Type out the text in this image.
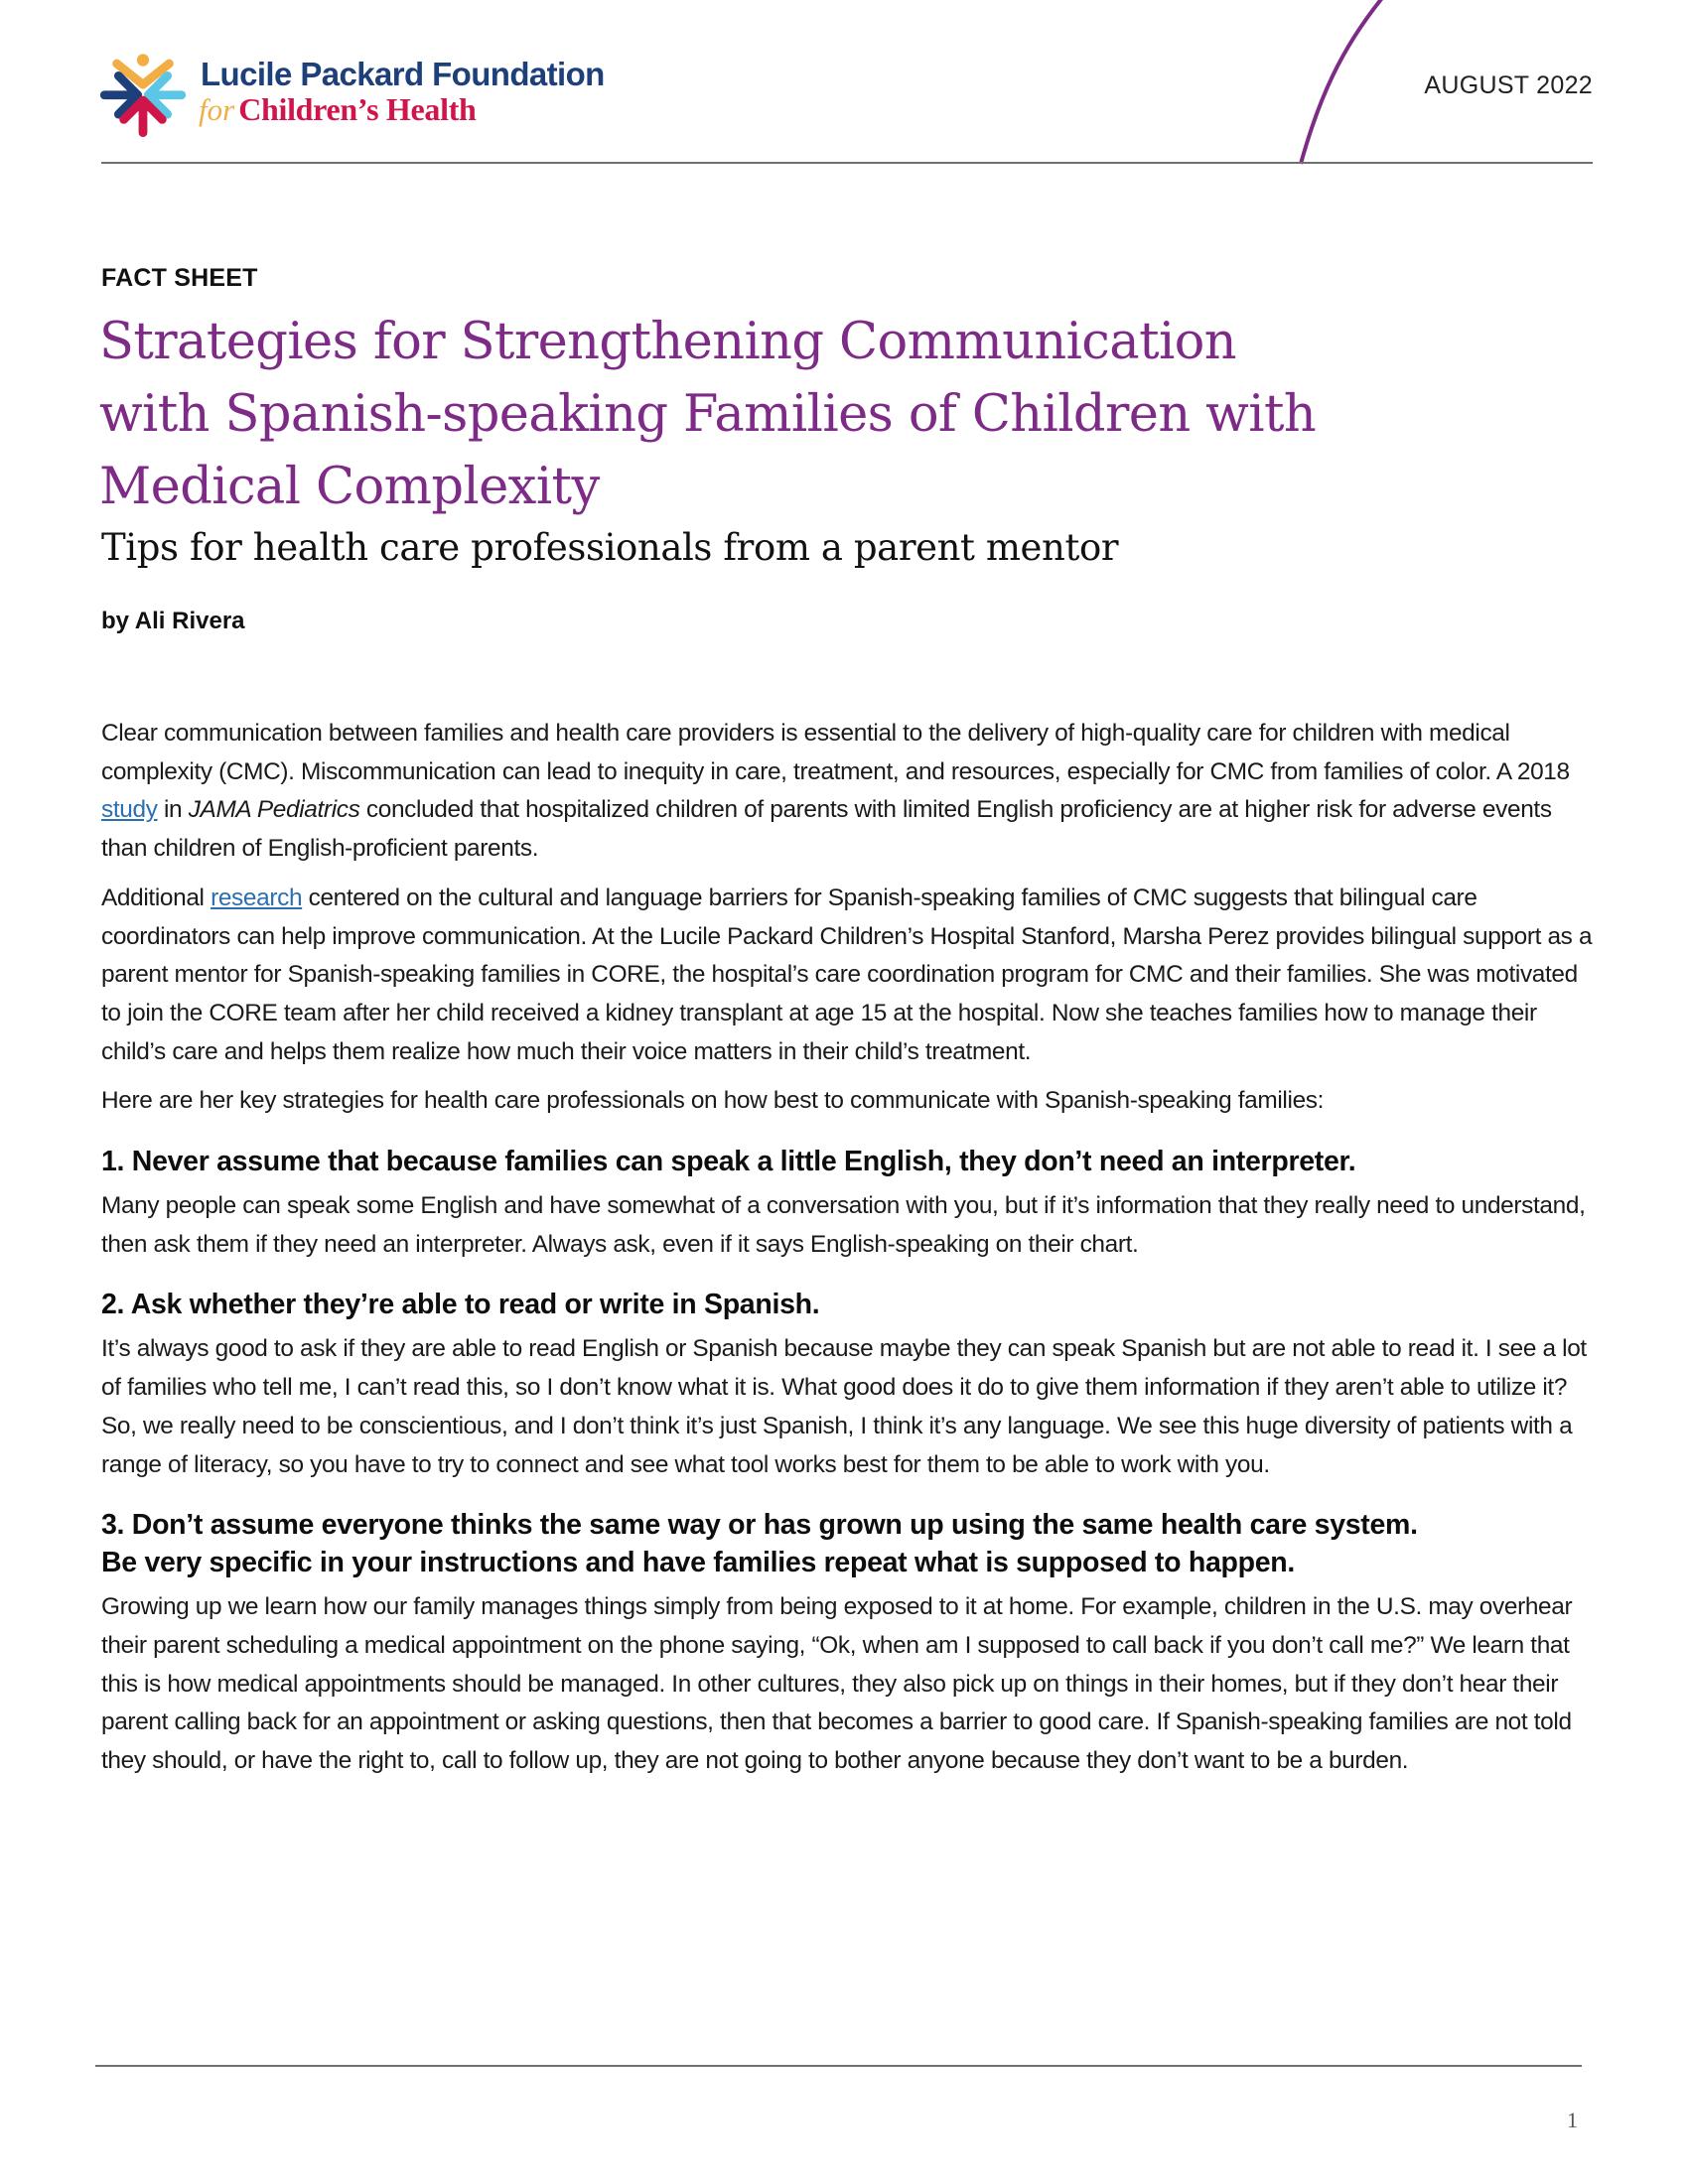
Lucile Packard Foundation
for Children’s Health
AUGUST 2022
FACT SHEET
Strategies for Strengthening Communication
with Spanish-speaking Families of Children with
Medical Complexity
Tips for health care professionals from a parent mentor
by Ali Rivera

Clear communication between families and health care providers is essential to the delivery of high-quality care for children with medical complexity (CMC). Miscommunication can lead to inequity in care, treatment, and resources, especially for CMC from families of color. A 2018 study in JAMA Pediatrics concluded that hospitalized children of parents with limited English proficiency are at higher risk for adverse events than children of English-proficient parents.

Additional research centered on the cultural and language barriers for Spanish-speaking families of CMC suggests that bilingual care coordinators can help improve communication. At the Lucile Packard Children’s Hospital Stanford, Marsha Perez provides bilingual support as a parent mentor for Spanish-speaking families in CORE, the hospital’s care coordination program for CMC and their families. She was motivated to join the CORE team after her child received a kidney transplant at age 15 at the hospital. Now she teaches families how to manage their child’s care and helps them realize how much their voice matters in their child’s treatment.

Here are her key strategies for health care professionals on how best to communicate with Spanish-speaking families:

1. Never assume that because families can speak a little English, they don’t need an interpreter.

Many people can speak some English and have somewhat of a conversation with you, but if it’s information that they really need to understand, then ask them if they need an interpreter. Always ask, even if it says English-speaking on their chart.

2. Ask whether they’re able to read or write in Spanish.

It’s always good to ask if they are able to read English or Spanish because maybe they can speak Spanish but are not able to read it. I see a lot of families who tell me, I can’t read this, so I don’t know what it is. What good does it do to give them information if they aren’t able to utilize it? So, we really need to be conscientious, and I don’t think it’s just Spanish, I think it’s any language. We see this huge diversity of patients with a range of literacy, so you have to try to connect and see what tool works best for them to be able to work with you.

3. Don’t assume everyone thinks the same way or has grown up using the same health care system.
Be very specific in your instructions and have families repeat what is supposed to happen.

Growing up we learn how our family manages things simply from being exposed to it at home. For example, children in the U.S. may overhear their parent scheduling a medical appointment on the phone saying, “Ok, when am I supposed to call back if you don’t call me?” We learn that this is how medical appointments should be managed. In other cultures, they also pick up on things in their homes, but if they don’t hear their parent calling back for an appointment or asking questions, then that becomes a barrier to good care. If Spanish-speaking families are not told they should, or have the right to, call to follow up, they are not going to bother anyone because they don’t want to be a burden.

1
